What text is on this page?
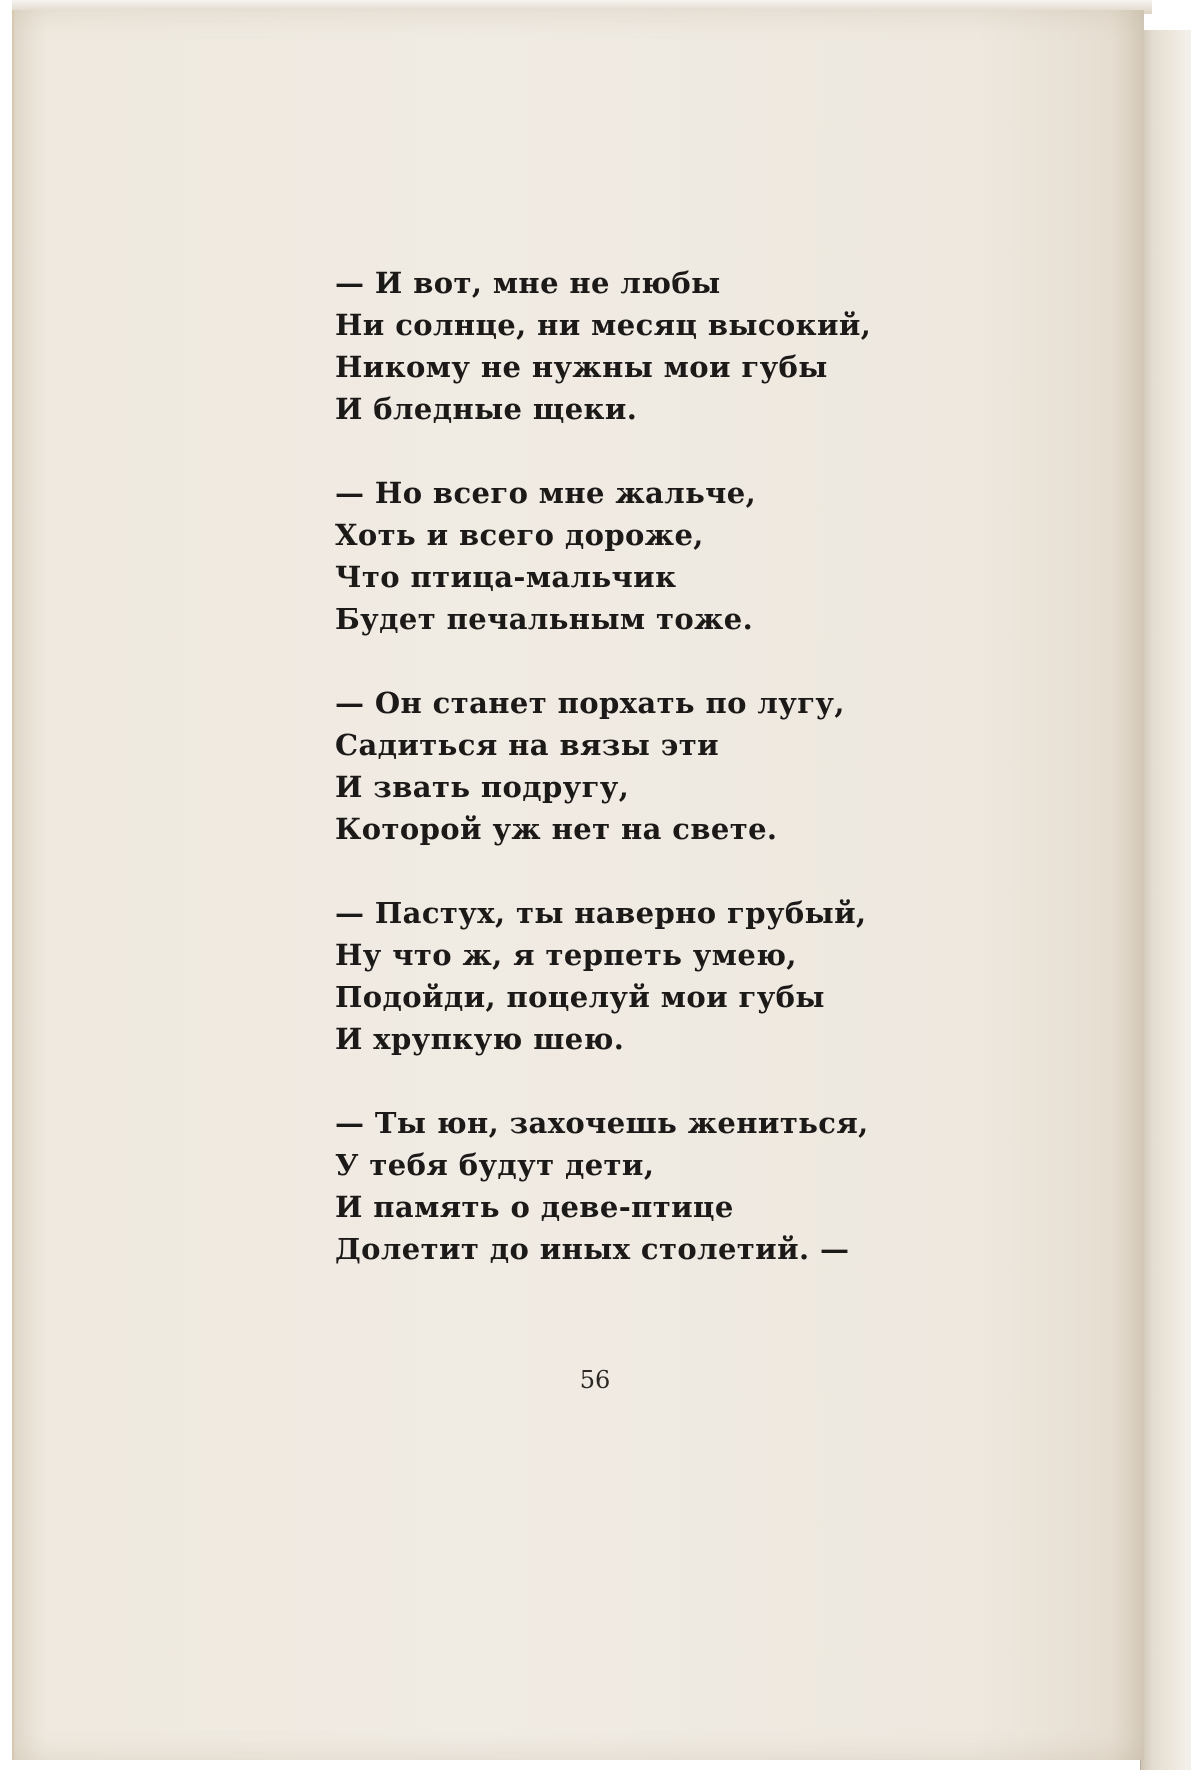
— И вот, мне не любы
Ни солнце, ни месяц высокий,
Никому не нужны мои губы
И бледные щеки.
— Но всего мне жальче,
Хоть и всего дороже,
Что птица-мальчик
Будет печальным тоже.
— Он станет порхать по лугу,
Садиться на вязы эти
И звать подругу,
Которой уж нет на свете.
— Пастух, ты наверно грубый,
Ну что ж, я терпеть умею,
Подойди, поцелуй мои губы
И хрупкую шею.
— Ты юн, захочешь жениться,
У тебя будут дети,
И память о деве-птице
Долетит до иных столетий. —
56
